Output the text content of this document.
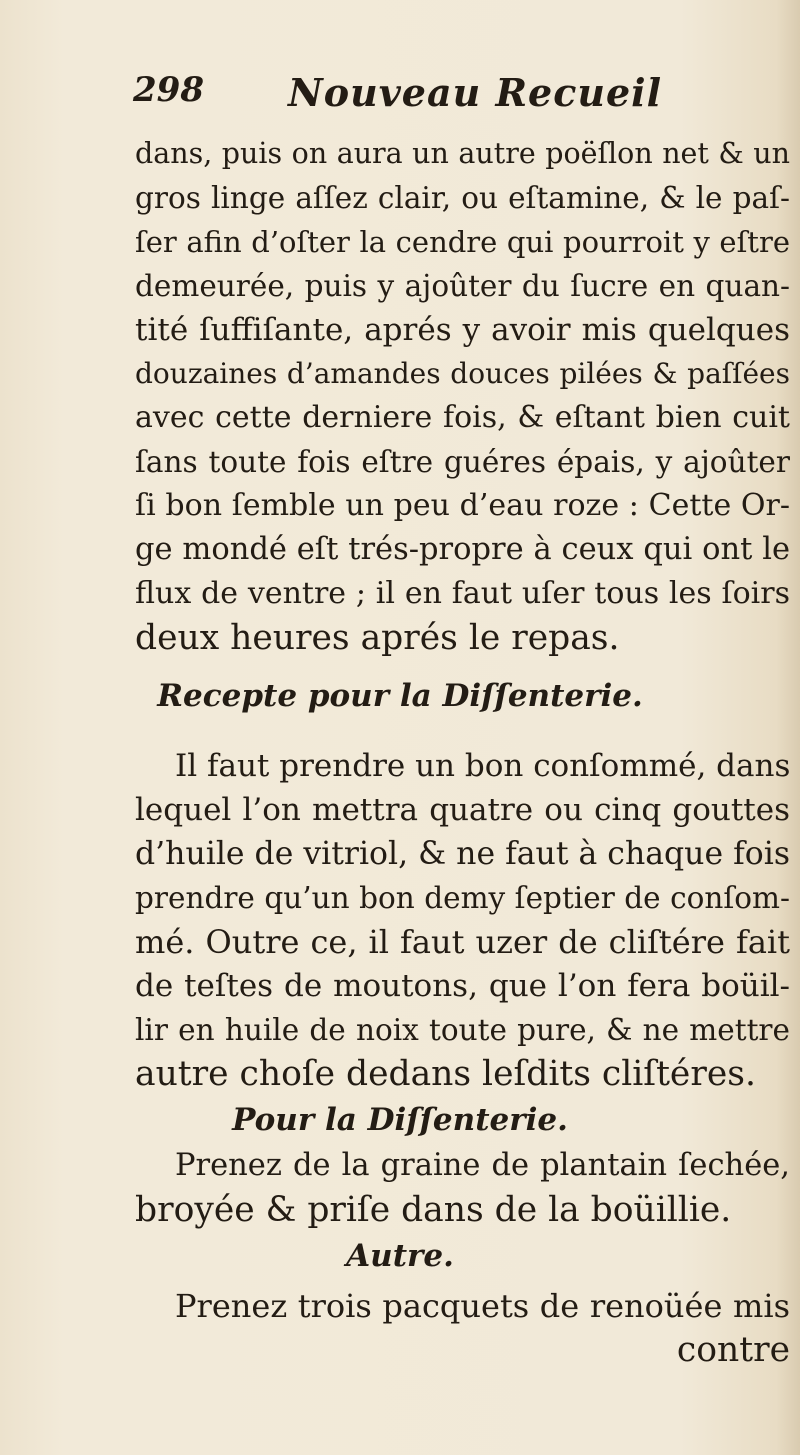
298 Nouveau Recueil
dans, puis on aura un autre poëſlon net & un
gros linge aſſez clair, ou eſtamine, & le paſ-
ſer afin d’oſter la cendre qui pourroit y eſtre
demeurée, puis y ajoûter du ſucre en quan-
tité ſuffiſante, aprés y avoir mis quelques
douzaines d’amandes douces pilées & paſſées
avec cette derniere fois, & eſtant bien cuit
ſans toute fois eſtre guéres épais, y ajoûter
ſi bon ſemble un peu d’eau roze : Cette Or-
ge mondé eſt trés-propre à ceux qui ont le
flux de ventre ; il en faut uſer tous les ſoirs
deux heures aprés le repas.
Recepte pour la Diſſenterie.
Il faut prendre un bon conſommé, dans
lequel l’on mettra quatre ou cinq gouttes
d’huile de vitriol, & ne faut à chaque fois
prendre qu’un bon demy ſeptier de conſom-
mé. Outre ce, il faut uzer de cliſtére fait
de teſtes de moutons, que l’on fera boüil-
lir en huile de noix toute pure, & ne mettre
autre choſe dedans leſdits cliſtéres.
Pour la Diſſenterie.
Prenez de la graine de plantain ſechée,
broyée & priſe dans de la boüillie.
Autre.
Prenez trois pacquets de renoüée mis
contre
